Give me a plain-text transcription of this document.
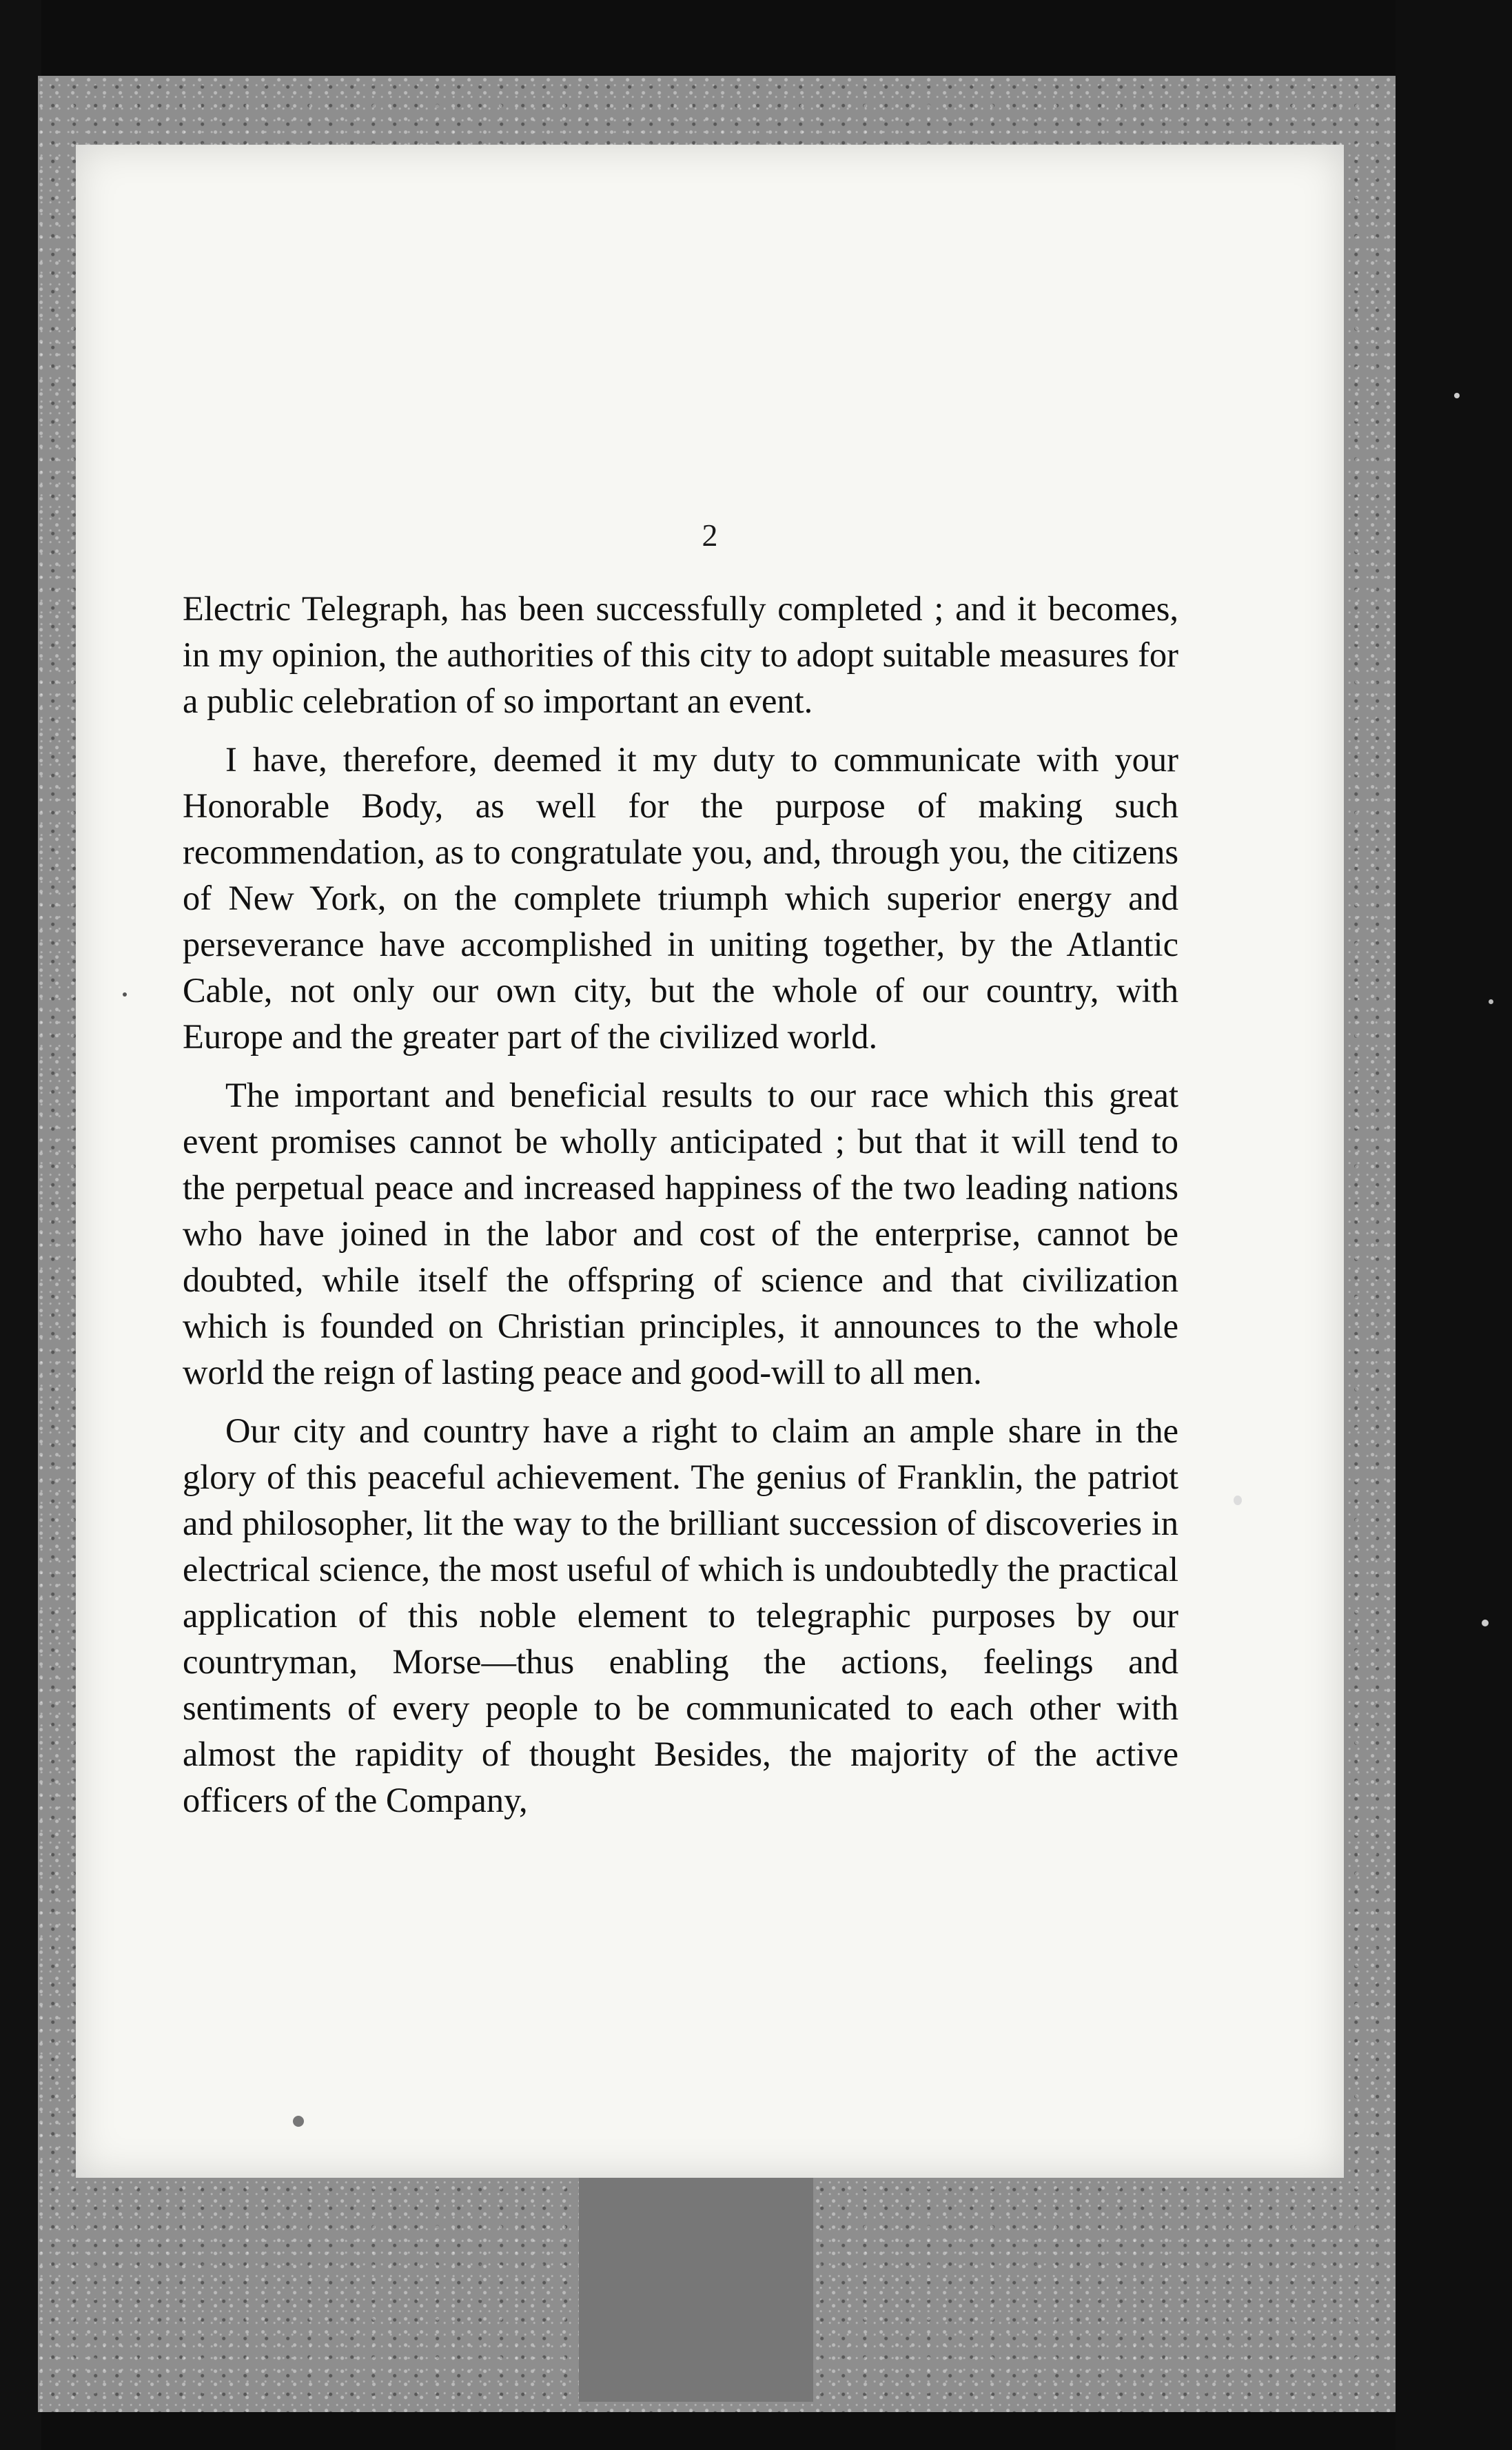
2

Electric Telegraph, has been successfully completed ; and it becomes, in my opinion, the authorities of this city to adopt suitable measures for a public celebration of so important an event.

I have, therefore, deemed it my duty to communicate with your Honorable Body, as well for the purpose of making such recommendation, as to congratulate you, and, through you, the citizens of New York, on the complete triumph which superior energy and perseverance have accomplished in uniting together, by the Atlantic Cable, not only our own city, but the whole of our country, with Europe and the greater part of the civilized world.

The important and beneficial results to our race which this great event promises cannot be wholly anticipated ; but that it will tend to the perpetual peace and increased happiness of the two leading nations who have joined in the labor and cost of the enterprise, cannot be doubted, while itself the offspring of science and that civilization which is founded on Christian principles, it announces to the whole world the reign of lasting peace and good-will to all men.

Our city and country have a right to claim an ample share in the glory of this peaceful achievement. The genius of Franklin, the patriot and philosopher, lit the way to the brilliant succession of discoveries in electrical science, the most useful of which is undoubtedly the practical application of this noble element to telegraphic purposes by our countryman, Morse—thus enabling the actions, feelings and sentiments of every people to be communicated to each other with almost the rapidity of thought Besides, the majority of the active officers of the Company,
